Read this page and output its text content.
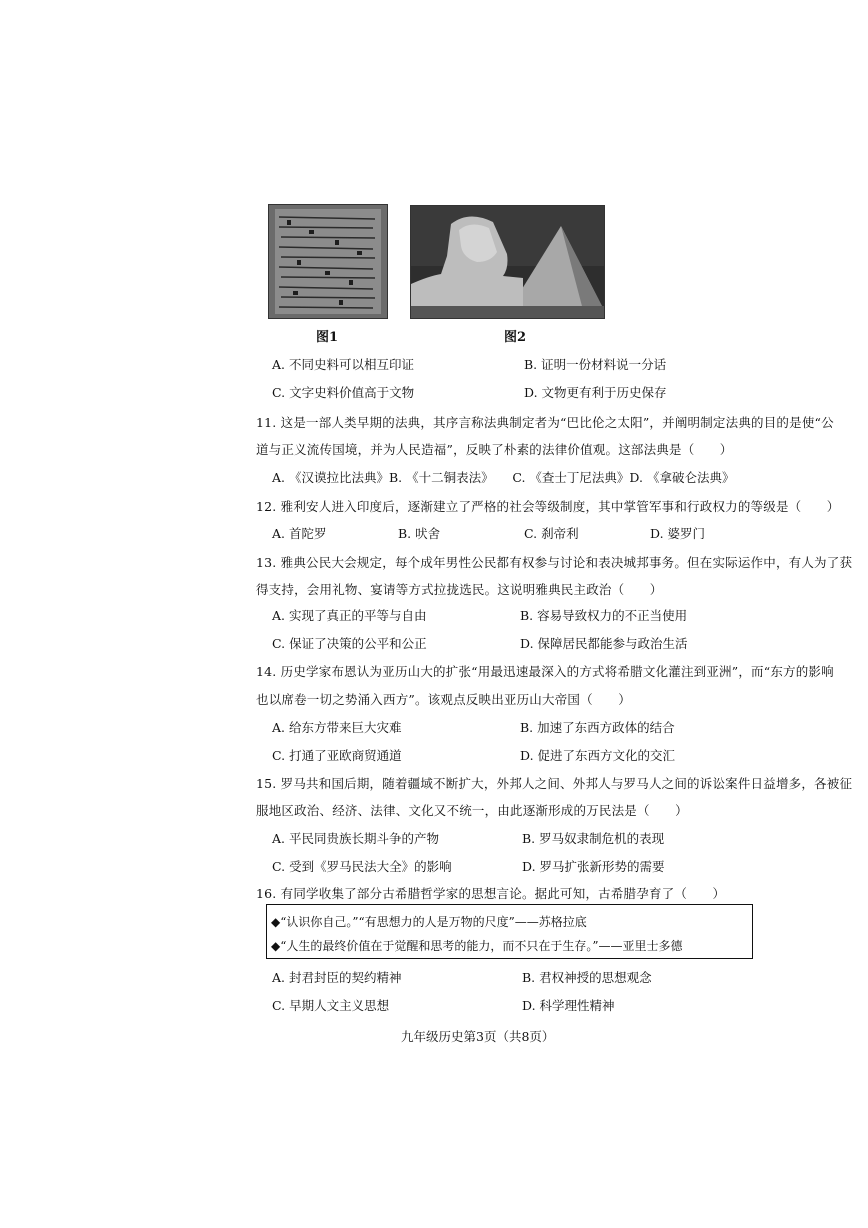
图1	图2
A. 不同史料可以相互印证	B. 证明一份材料说一分话
C. 文字史料价值高于文物	D. 文物更有利于历史保存
11. 这是一部人类早期的法典，其序言称法典制定者为“巴比伦之太阳”，并阐明制定法典的目的是使“公
道与正义流传国境，并为人民造福”，反映了朴素的法律价值观。这部法典是（　　）
A. 《汉谟拉比法典》B. 《十二铜表法》　　C. 《查士丁尼法典》D. 《拿破仑法典》
12. 雅利安人进入印度后，逐渐建立了严格的社会等级制度，其中掌管军事和行政权力的等级是（　　）
A. 首陀罗	B. 吠舍	C. 刹帝利	D. 婆罗门
13. 雅典公民大会规定，每个成年男性公民都有权参与讨论和表决城邦事务。但在实际运作中，有人为了获
得支持，会用礼物、宴请等方式拉拢选民。这说明雅典民主政治（　　）
A. 实现了真正的平等与自由	B. 容易导致权力的不正当使用
C. 保证了决策的公平和公正	D. 保障居民都能参与政治生活
14. 历史学家布恩认为亚历山大的扩张“用最迅速最深入的方式将希腊文化灌注到亚洲”，而“东方的影响
也以席卷一切之势涌入西方”。该观点反映出亚历山大帝国（　　）
A. 给东方带来巨大灾难	B. 加速了东西方政体的结合
C. 打通了亚欧商贸通道	D. 促进了东西方文化的交汇
15. 罗马共和国后期，随着疆域不断扩大，外邦人之间、外邦人与罗马人之间的诉讼案件日益增多，各被征
服地区政治、经济、法律、文化又不统一，由此逐渐形成的万民法是（　　）
A. 平民同贵族长期斗争的产物	B. 罗马奴隶制危机的表现
C. 受到《罗马民法大全》的影响	D. 罗马扩张新形势的需要
16. 有同学收集了部分古希腊哲学家的思想言论。据此可知，古希腊孕育了（　　）
◆“认识你自己。”“有思想力的人是万物的尺度”——苏格拉底
◆“人生的最终价值在于觉醒和思考的能力，而不只在于生存。”——亚里士多德
A. 封君封臣的契约精神	B. 君权神授的思想观念
C. 早期人文主义思想	D. 科学理性精神
九年级历史第3页（共8页）
